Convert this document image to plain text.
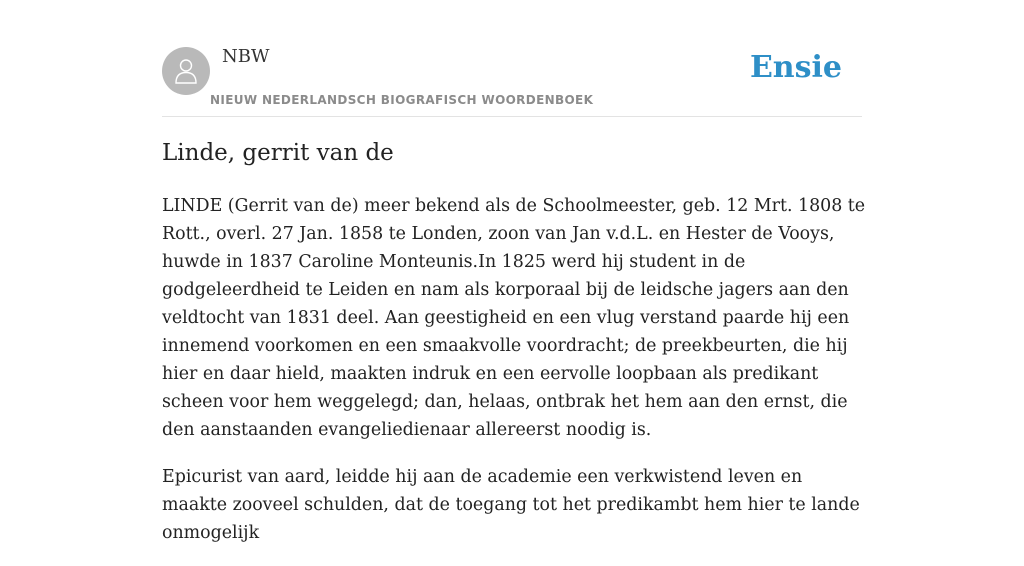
NBW
NIEUW NEDERLANDSCH BIOGRAFISCH WOORDENBOEK
Ensie
Linde, gerrit van de

LINDE (Gerrit van de) meer bekend als de Schoolmeester, geb. 12 Mrt. 1808 te Rott., overl. 27 Jan. 1858 te Londen, zoon van Jan v.d.L. en Hester de Vooys, huwde in 1837 Caroline Monteunis.In 1825 werd hij student in de godgeleerdheid te Leiden en nam als korporaal bij de leidsche jagers aan den veldtocht van 1831 deel. Aan geestigheid en een vlug verstand paarde hij een innemend voorkomen en een smaakvolle voordracht; de preekbeurten, die hij hier en daar hield, maakten indruk en een eervolle loopbaan als predikant scheen voor hem weggelegd; dan, helaas, ontbrak het hem aan den ernst, die den aanstaanden evangeliedienaar allereerst noodig is.

Epicurist van aard, leidde hij aan de academie een verkwistend leven en maakte zooveel schulden, dat de toegang tot het predikambt hem hier te lande onmogelijk
